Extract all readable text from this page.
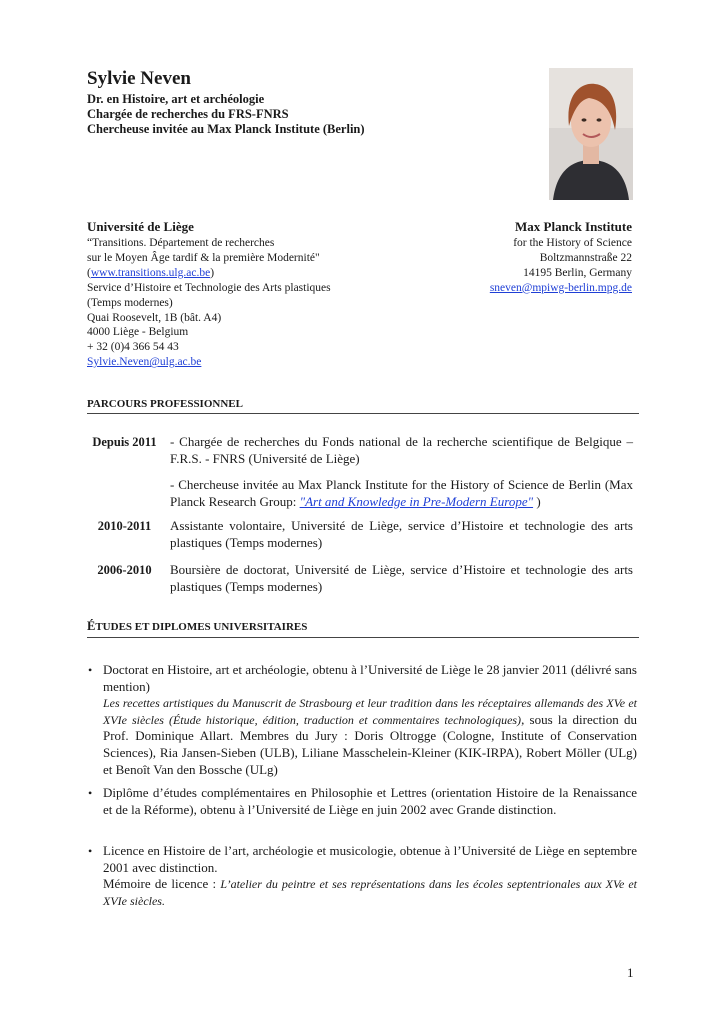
Sylvie Neven
Dr. en Histoire, art et archéologie
Chargée de recherches du FRS-FNRS
Chercheuse invitée au Max Planck Institute (Berlin)
Université de Liège
“Transitions. Département de recherches
sur le Moyen Âge tardif & la première Modernité"
(www.transitions.ulg.ac.be)
Service d’Histoire et Technologie des Arts plastiques
(Temps modernes)
Quai Roosevelt, 1B (bât. A4)
4000 Liège - Belgium
+ 32 (0)4 366 54 43
Sylvie.Neven@ulg.ac.be
Max Planck Institute
for the History of Science
Boltzmannstraße 22
14195 Berlin, Germany
sneven@mpiwg-berlin.mpg.de
PARCOURS PROFESSIONNEL
Depuis 2011	- Chargée de recherches du Fonds national de la recherche scientifique de Belgique – F.R.S. - FNRS (Université de Liège)
- Chercheuse invitée au Max Planck Institute for the History of Science de Berlin (Max Planck Research Group: "Art and Knowledge in Pre-Modern Europe" )
2010-2011	Assistante volontaire, Université de Liège, service d’Histoire et technologie des arts plastiques (Temps modernes)
2006-2010	Boursière de doctorat, Université de Liège, service d’Histoire et technologie des arts plastiques (Temps modernes)
ÉTUDES ET DIPLOMES UNIVERSITAIRES
• Doctorat en Histoire, art et archéologie, obtenu à l’Université de Liège le 28 janvier 2011 (délivré sans mention)
Les recettes artistiques du Manuscrit de Strasbourg et leur tradition dans les réceptaires allemands des XVe et XVIe siècles (Étude historique, édition, traduction et commentaires technologiques), sous la direction du Prof. Dominique Allart. Membres du Jury : Doris Oltrogge (Cologne, Institute of Conservation Sciences), Ria Jansen-Sieben (ULB), Liliane Masschelein-Kleiner (KIK-IRPA), Robert Möller (ULg) et Benoît Van den Bossche (ULg)
• Diplôme d’études complémentaires en Philosophie et Lettres (orientation Histoire de la Renaissance et de la Réforme), obtenu à l’Université de Liège en juin 2002 avec Grande distinction.
• Licence en Histoire de l’art, archéologie et musicologie, obtenue à l’Université de Liège en septembre 2001 avec distinction.
Mémoire de licence : L’atelier du peintre et ses représentations dans les écoles septentrionales aux XVe et XVIe siècles.
1
